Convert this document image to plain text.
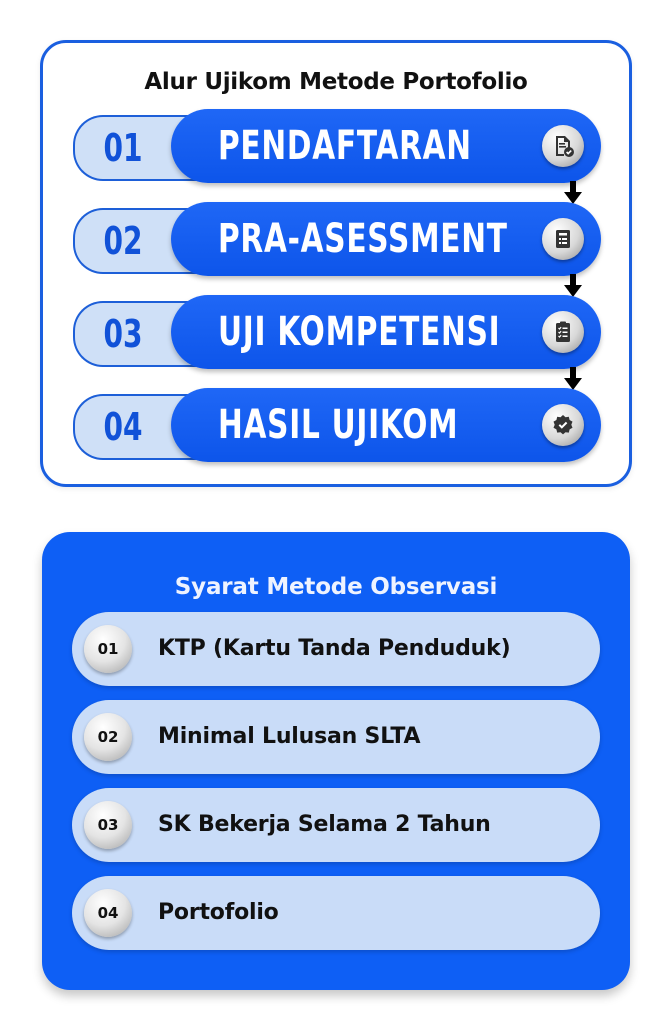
Alur Ujikom Metode Portofolio
01	PENDAFTARAN
02	PRA-ASESSMENT
03	UJI KOMPETENSI
04	HASIL UJIKOM
Syarat Metode Observasi
01	KTP (Kartu Tanda Penduduk)
02	Minimal Lulusan SLTA
03	SK Bekerja Selama 2 Tahun
04	Portofolio
